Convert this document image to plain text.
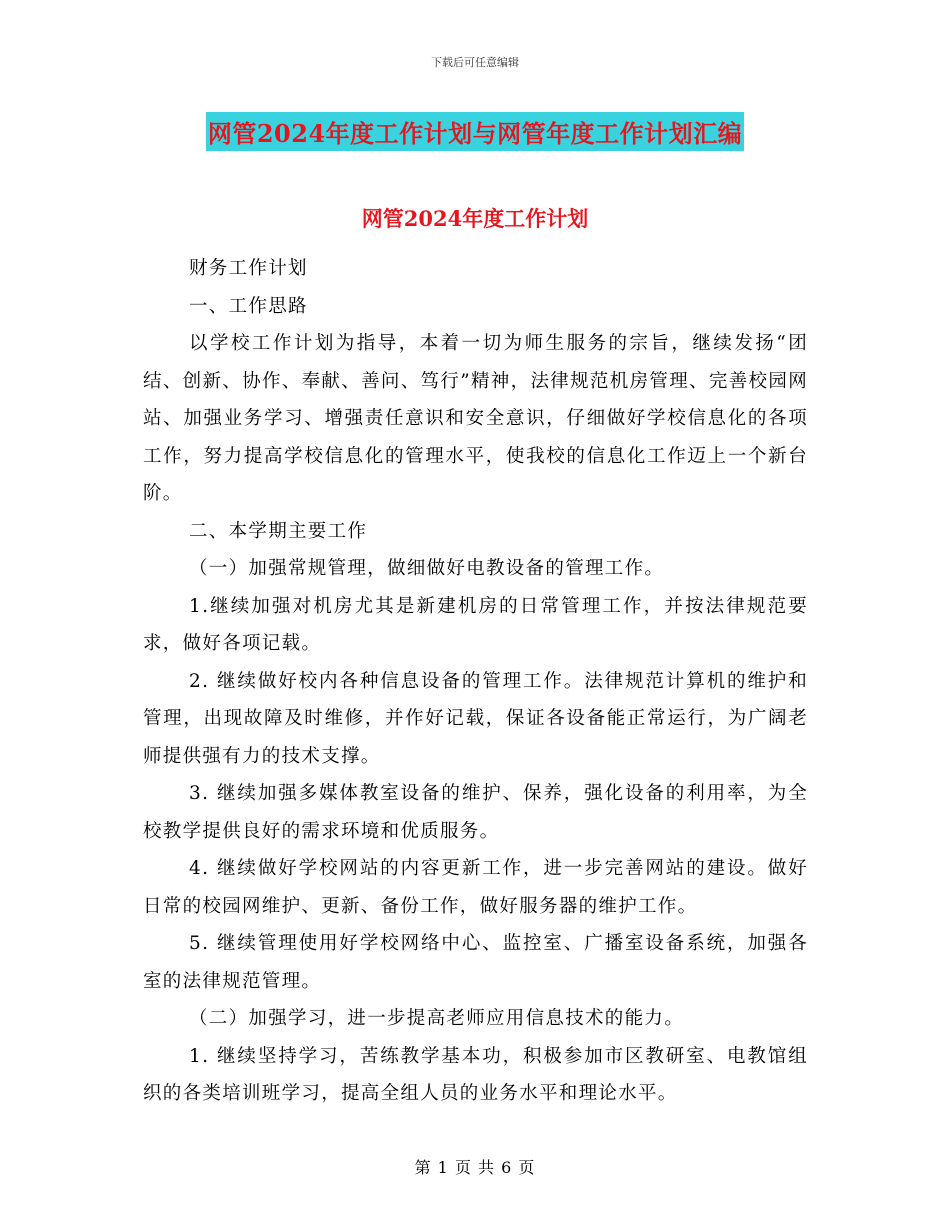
下载后可任意编辑
网管2024年度工作计划与网管年度工作计划汇编
网管2024年度工作计划

财务工作计划

一、工作思路

以学校工作计划为指导，本着一切为师生服务的宗旨，继续发扬“团结、创新、协作、奉献、善问、笃行”精神，法律规范机房管理、完善校园网站、加强业务学习、增强责任意识和安全意识，仔细做好学校信息化的各项工作，努力提高学校信息化的管理水平，使我校的信息化工作迈上一个新台阶。

二、本学期主要工作

（一）加强常规管理，做细做好电教设备的管理工作。

1.继续加强对机房尤其是新建机房的日常管理工作，并按法律规范要求，做好各项记载。

2. 继续做好校内各种信息设备的管理工作。法律规范计算机的维护和管理，出现故障及时维修，并作好记载，保证各设备能正常运行，为广阔老师提供强有力的技术支撑。

3. 继续加强多媒体教室设备的维护、保养，强化设备的利用率，为全校教学提供良好的需求环境和优质服务。

4. 继续做好学校网站的内容更新工作，进一步完善网站的建设。做好日常的校园网维护、更新、备份工作，做好服务器的维护工作。

5. 继续管理使用好学校网络中心、监控室、广播室设备系统，加强各室的法律规范管理。

（二）加强学习，进一步提高老师应用信息技术的能力。

1. 继续坚持学习，苦练教学基本功，积极参加市区教研室、电教馆组织的各类培训班学习，提高全组人员的业务水平和理论水平。

第 1 页 共 6 页
